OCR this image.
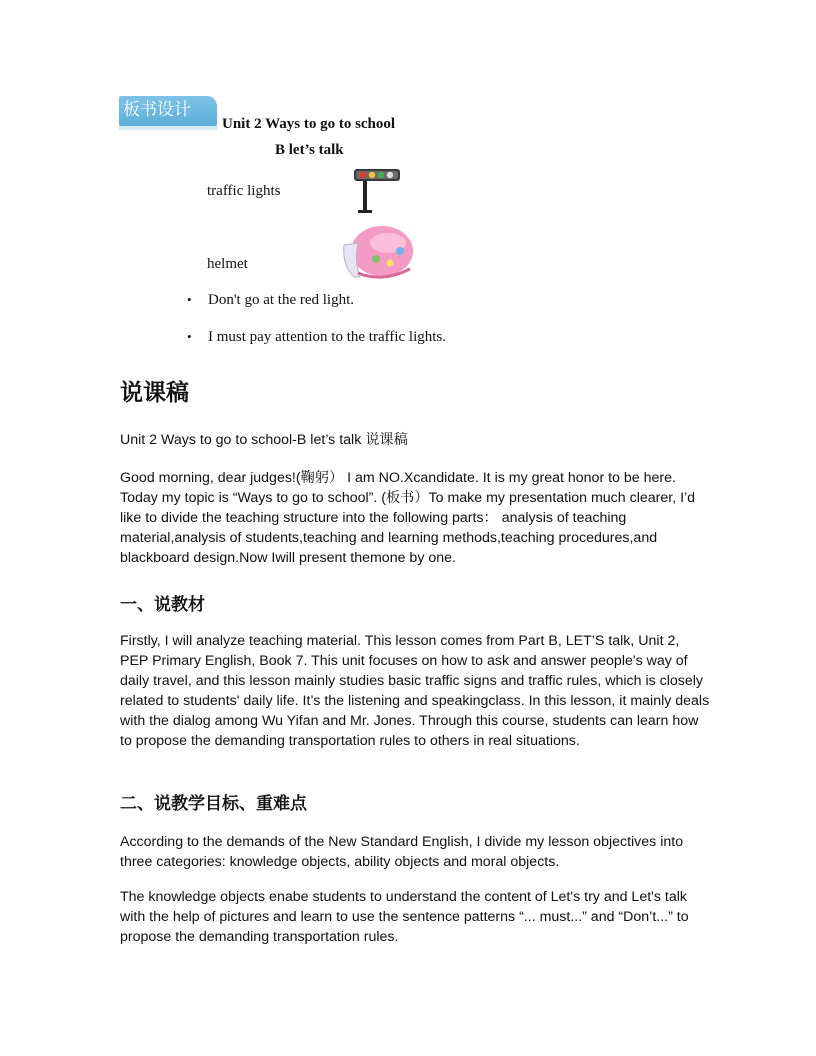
板书设计
Unit 2 Ways to go to school
B let’s talk
traffic lights
helmet
• Don't go at the red light.
• I must pay attention to the traffic lights.
说课稿
Unit 2 Ways to go to school-B let’s talk 说课稿
Good morning, dear judges!(鞠躬） I am NO.Xcandidate. It is my great honor to be here. Today my topic is “Ways to go to school”. (板书）To make my presentation much clearer, I’d like to divide the teaching structure into the following parts： analysis of teaching material,analysis of students,teaching and learning methods,teaching procedures,and blackboard design.Now Iwill present themone by one.
一、说教材
Firstly, I will analyze teaching material. This lesson comes from Part B, LET’S talk, Unit 2, PEP Primary English, Book 7. This unit focuses on how to ask and answer people's way of daily travel, and this lesson mainly studies basic traffic signs and traffic rules, which is closely related to students' daily life. It’s the listening and speakingclass. In this lesson, it mainly deals with the dialog among Wu Yifan and Mr. Jones. Through this course, students can learn how to propose the demanding transportation rules to others in real situations.
二、说教学目标、重难点
According to the demands of the New Standard English, I divide my lesson objectives into three categories: knowledge objects, ability objects and moral objects.
The knowledge objects enabe students to understand the content of Let's try and Let's talk with the help of pictures and learn to use the sentence patterns “... must...” and “Don’t...” to propose the demanding transportation rules.
